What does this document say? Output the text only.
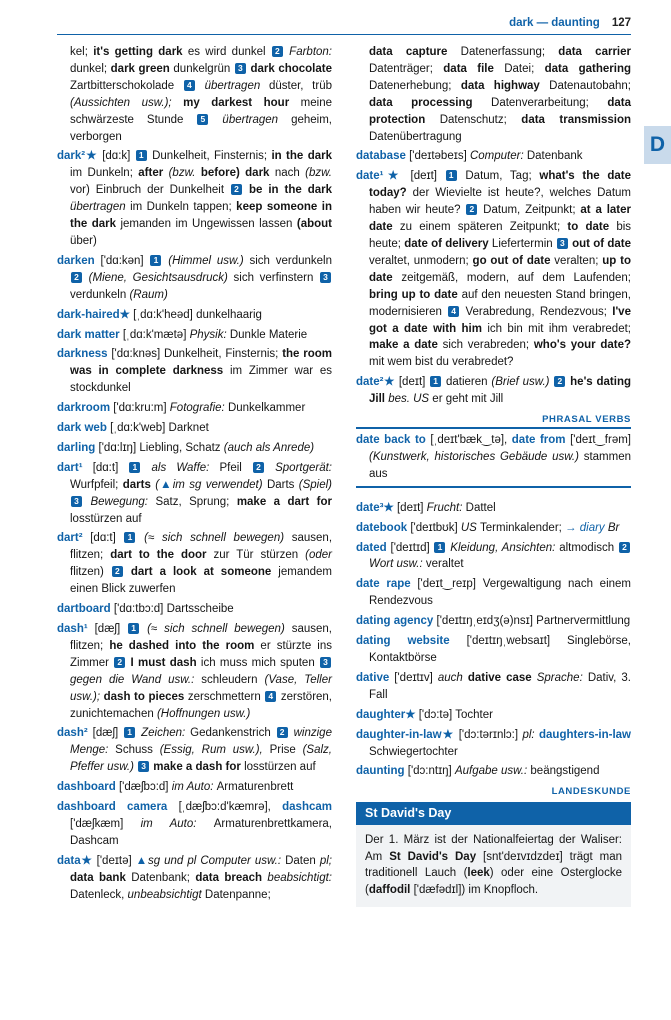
dark — daunting 127

kel; it's getting dark es wird dunkel 2 Farbton: dunkel; dark green dunkelgrün 3 dark chocolate Zartbitterschokolade 4 übertragen düster, trüb (Aussichten usw.); my darkest hour meine schwärzeste Stunde 5 übertragen geheim, verborgen

dark²★ [dɑ:k] 1 Dunkelheit, Finsternis; in the dark im Dunkeln; after (bzw. before) dark nach (bzw. vor) Einbruch der Dunkelheit 2 be in the dark übertragen im Dunkeln tappen; keep someone in the dark jemanden im Ungewissen lassen (about über)

darken ['dɑ:kən] 1 (Himmel usw.) sich verdunkeln 2 (Miene, Gesichtsausdruck) sich verfinstern 3 verdunkeln (Raum)

dark-haired★ [ˌdɑ:k'heəd] dunkelhaarig

dark matter [ˌdɑ:k'mætə] Physik: Dunkle Materie

darkness ['dɑ:knəs] Dunkelheit, Finsternis; the room was in complete darkness im Zimmer war es stockdunkel

darkroom ['dɑ:kru:m] Fotografie: Dunkelkammer

dark web [ˌdɑ:k'web] Darknet

darling ['dɑ:lɪŋ] Liebling, Schatz (auch als Anrede)

dart¹ [dɑ:t] 1 als Waffe: Pfeil 2 Sportgerät: Wurfpfeil; darts (▲im sg verwendet) Darts (Spiel) 3 Bewegung: Satz, Sprung; make a dart for losstürzen auf

dart² [dɑ:t] 1 (≈ sich schnell bewegen) sausen, flitzen; dart to the door zur Tür stürzen (oder flitzen) 2 dart a look at someone jemandem einen Blick zuwerfen

dartboard ['dɑ:tbɔ:d] Dartsscheibe

dash¹ [dæʃ] 1 (≈ sich schnell bewegen) sausen, flitzen; he dashed into the room er stürzte ins Zimmer 2 I must dash ich muss mich sputen 3 gegen die Wand usw.: schleudern (Vase, Teller usw.); dash to pieces zerschmettern 4 zerstören, zunichtemachen (Hoffnungen usw.)

dash² [dæʃ] 1 Zeichen: Gedankenstrich 2 winzige Menge: Schuss (Essig, Rum usw.), Prise (Salz, Pfeffer usw.) 3 make a dash for losstürzen auf

dashboard ['dæʃbɔ:d] im Auto: Armaturenbrett

dashboard camera [ˌdæʃbɔ:d'kæmrə], dashcam ['dæʃkæm] im Auto: Armaturenbrettkamera, Dashcam

data★ ['deɪtə] ▲sg und pl Computer usw.: Daten pl; data bank Datenbank; data breach beabsichtigt: Datenleck, unbeabsichtigt Datenpanne;

data capture Datenerfassung; data carrier Datenträger; data file Datei; data gathering Datenerhebung; data highway Datenautobahn; data processing Datenverarbeitung; data protection Datenschutz; data transmission Datenübertragung

database ['deɪtəbeɪs] Computer: Datenbank

date¹★ [deɪt] 1 Datum, Tag; what's the date today? der Wievielte ist heute?, welches Datum haben wir heute? 2 Datum, Zeitpunkt; at a later date zu einem späteren Zeitpunkt; to date bis heute; date of delivery Liefertermin 3 out of date veraltet, unmodern; go out of date veralten; up to date zeitgemäß, modern, auf dem Laufenden; bring up to date auf den neuesten Stand bringen, modernisieren 4 Verabredung, Rendezvous; I've got a date with him ich bin mit ihm verabredet; make a date sich verabreden; who's your date? mit wem bist du verabredet?

date²★ [deɪt] 1 datieren (Brief usw.) 2 he's dating Jill bes. US er geht mit Jill

PHRASAL VERBS

date back to [ˌdeɪt'bæk‿tə], date from ['deɪt‿frəm] (Kunstwerk, historisches Gebäude usw.) stammen aus

date³★ [deɪt] Frucht: Dattel

datebook ['deɪtbʊk] US Terminkalender; → diary Br

dated ['deɪtɪd] 1 Kleidung, Ansichten: altmodisch 2 Wort usw.: veraltet

date rape ['deɪt‿reɪp] Vergewaltigung nach einem Rendezvous

dating agency ['deɪtɪŋˌeɪdʒ(ə)nsɪ] Partnervermittlung

dating website ['deɪtɪŋˌwebsaɪt] Singlebörse, Kontaktbörse

dative ['deɪtɪv] auch dative case Sprache: Dativ, 3. Fall

daughter★ ['dɔ:tə] Tochter

daughter-in-law★ ['dɔ:tərɪnlɔ:] pl: daughters-in-law Schwiegertochter

daunting ['dɔ:ntɪŋ] Aufgabe usw.: beängstigend

LANDESKUNDE
St David's Day
Der 1. März ist der Nationalfeiertag der Waliser: Am St David's Day [snt'deɪvɪdzdeɪ] trägt man traditionell Lauch (leek) oder eine Osterglocke (daffodil ['dæfədɪl]) im Knopfloch.
D
